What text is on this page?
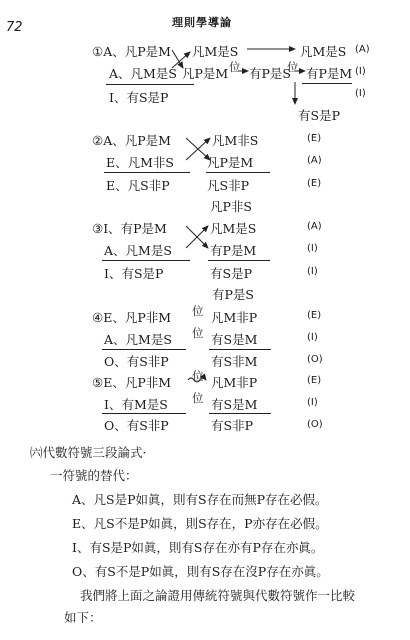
72	理則學導論
①A、凡P是M
A、凡M是S
I、有S是P
凡M是S
凡P是M 位	位
有P是S
凡M是S
有P是M
有S是P
(A)
(I)
(I)
②A、凡P是M
E、凡M非S
E、凡S非P
凡M非S
凡P是M
凡S非P
凡P非S
(E)
(A)
(E)
③I、有P是M
A、凡M是S
I、有S是P
凡M是S
有P是M
有S是P
有P是S
(A)
(I)
(I)
④E、凡P非M
A、凡M是S
O、有S非P
位
位
凡M非P
有S是M
有S非M
(E)
(I)
(O)
⑤E、凡P非M
I、有M是S
O、有S非P
位
位
凡M非P
有S是M
有S非P
(E)
(I)
(O)
㈥代數符號三段論式·
一符號的替代：
A、凡S是P如眞，則有S存在而無P存在必假。
E、凡S不是P如眞，則S存在，P亦存在必假。
I、有S是P如眞，則有S存在亦有P存在亦眞。
O、有S不是P如眞，則有S存在沒P存在亦眞。
我們將上面之論證用傳統符號與代數符號作一比較
如下：
